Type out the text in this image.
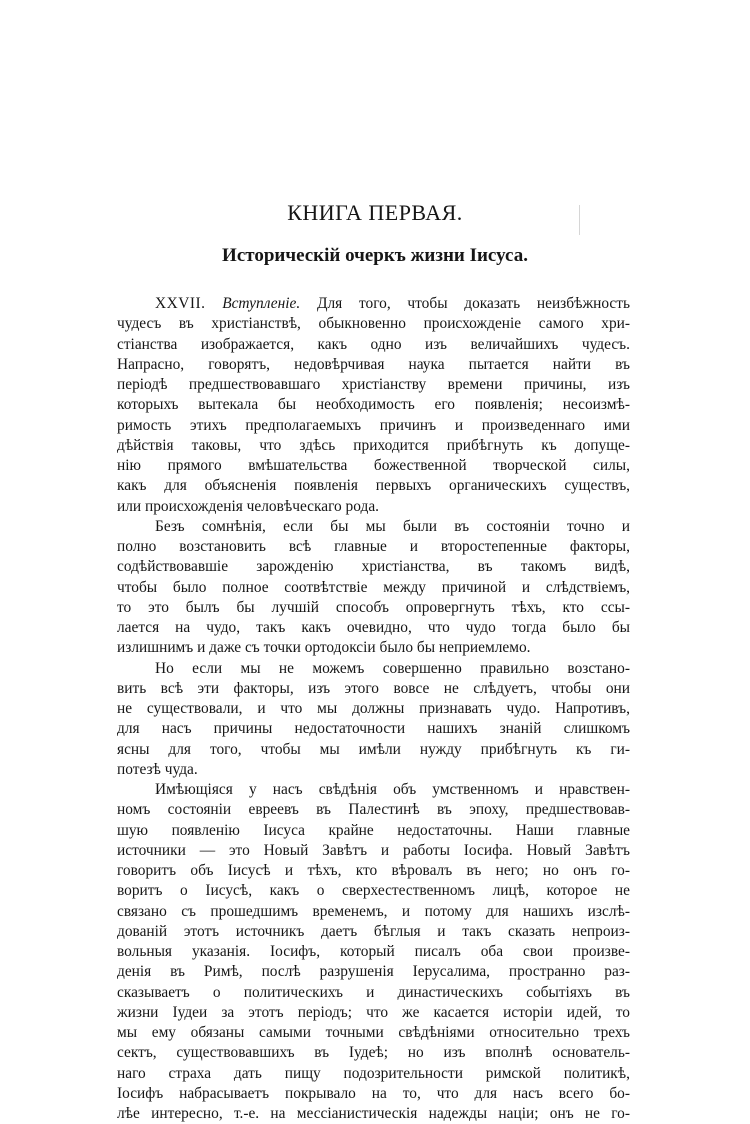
КНИГА ПЕРВАЯ.
Историческій очеркъ жизни Іисуса.
XXVII. Вступленіе. Для того, чтобы доказать неизбѣжность
чудесъ въ христіанствѣ, обыкновенно происхожденіе самого хри-
стіанства изображается, какъ одно изъ величайшихъ чудесъ.
Напрасно, говорятъ, недовѣрчивая наука пытается найти въ
періодѣ предшествовавшаго христіанству времени причины, изъ
которыхъ вытекала бы необходимость его появленія; несоизмѣ-
римость этихъ предполагаемыхъ причинъ и произведеннаго ими
дѣйствія таковы, что здѣсь приходится прибѣгнуть къ допуще-
нію прямого вмѣшательства божественной творческой силы,
какъ для объясненія появленія первыхъ органическихъ существъ,
или происхожденія человѣческаго рода.
Безъ сомнѣнія, если бы мы были въ состояніи точно и
полно возстановить всѣ главные и второстепенные факторы,
содѣйствовавшіе зарожденію христіанства, въ такомъ видѣ,
чтобы было полное соотвѣтствіе между причиной и слѣдствіемъ,
то это былъ бы лучшій способъ опровергнуть тѣхъ, кто ссы-
лается на чудо, такъ какъ очевидно, что чудо тогда было бы
излишнимъ и даже съ точки ортодоксіи было бы неприемлемо.
Но если мы не можемъ совершенно правильно возстано-
вить всѣ эти факторы, изъ этого вовсе не слѣдуетъ, чтобы они
не существовали, и что мы должны признавать чудо. Напротивъ,
для насъ причины недостаточности нашихъ знаній слишкомъ
ясны для того, чтобы мы имѣли нужду прибѣгнуть къ ги-
потезѣ чуда.
Имѣющіяся у насъ свѣдѣнія объ умственномъ и нравствен-
номъ состояніи евреевъ въ Палестинѣ въ эпоху, предшествовав-
шую появленію Іисуса крайне недостаточны. Наши главные
источники — это Новый Завѣтъ и работы Іосифа. Новый Завѣтъ
говоритъ объ Іисусѣ и тѣхъ, кто вѣровалъ въ него; но онъ го-
воритъ о Іисусѣ, какъ о сверхестественномъ лицѣ, которое не
связано съ прошедшимъ временемъ, и потому для нашихъ изслѣ-
дованій этотъ источникъ даетъ бѣглыя и такъ сказать непроиз-
вольныя указанія. Іосифъ, который писалъ оба свои произве-
денія въ Римѣ, послѣ разрушенія Іерусалима, пространно раз-
сказываетъ о политическихъ и династическихъ событіяхъ въ
жизни Іудеи за этотъ періодъ; что же касается исторіи идей, то
мы ему обязаны самыми точными свѣдѣніями относительно трехъ
сектъ, существовавшихъ въ Іудеѣ; но изъ вполнѣ основатель-
наго страха дать пищу подозрительности римской политикѣ,
Іосифъ набрасываетъ покрывало на то, что для насъ всего бо-
лѣе интересно, т.-е. на мессіанистическія надежды націи; онъ не го-
